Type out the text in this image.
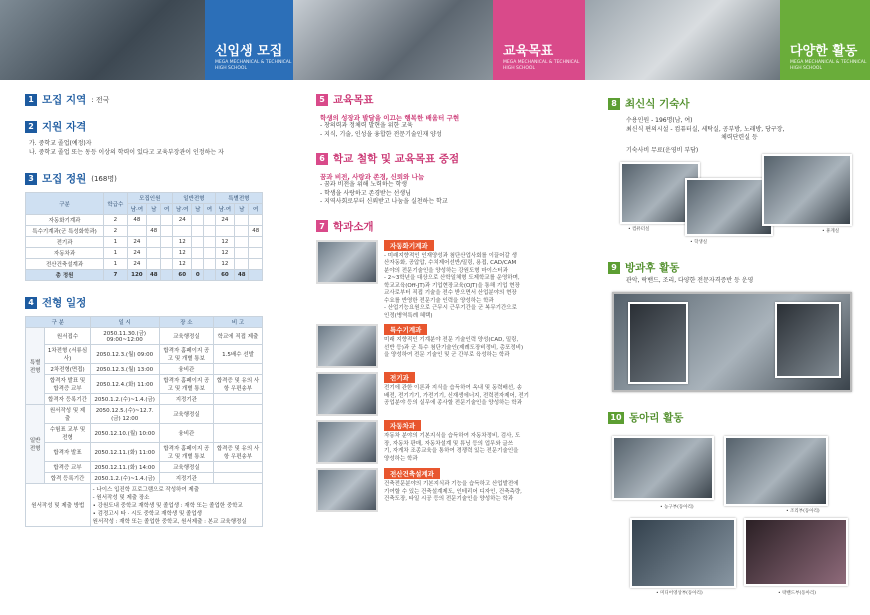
신입생 모집
MEGA MECHANICAL & TECHNICAL HIGH SCHOOL
교육목표
MEGA MECHANICAL & TECHNICAL HIGH SCHOOL
다양한 활동
MEGA MECHANICAL & TECHNICAL HIGH SCHOOL
1 모집 지역 : 전국
2 지원 자격
가. 중학교 졸업(예정)자
나. 중학교 졸업 또는 동등 이상의 학력이 있다고 교육부장관이 인정하는 자
3 모집 정원 (168명)
구분	학급수	모집인원			일반전형			특별전형		
		남·여	남	여	남·여	남	여	남·여	남	여
자동화기계과	2	48			24			24		
특수기계과(군 특성화학과)	2		48							48
전기과	1	24			12			12		
자동차과	1	24			12			12		
전산건축설계과	1	24			12			12		
총 정원	7	120	48		60	0		60	48	
4 전형 일정
구 분		일 시	장 소	비 고
특별전형	원서접수	2050.11.30.(금) 09:00~12:00	교육행정실	학교에 직접 제출
	1차전형 (서류심사)	2050.12.3.(월) 09:00	합격자 홈페이지 공고 및 개별 통보	1.5배수 선발
	2차전형(면접)	2050.12.3.(월) 13:00	융비관	
	합격자 발표 및 합격증 교부	2050.12.4.(화) 11:00	합격자 홈페이지 공고 및 개별 통보	합격증 및 유의 사항 우편송부
	합격자 등록기간	2050.1.2.(수)~1.4.(금)	지정기관	
일반전형	원서작성 및 제출	2050.12.5.(수)~12.7.(금) 12:00	교육행정실	
	수험표 교부 및 전형	2050.12.10.(월) 10:00	융비관	
	합격자 발표	2050.12.11.(화) 11:00	합격자 홈페이지 공고 및 개별 통보	합격증 및 유의 사항 우편송부
	합격증 교부	2050.12.11.(화) 14:00	교육행정실	
	합격 등록기간	2050.1.2.(수)~1.4.(금)	지정기관	
원서작성 및 제출 방법		- 나이스 입진학 프로그램으로 작성하여 제출
- 원서작성 및 제출 장소
• 강원도내 중학교 재학생 및 졸업생 : 재학 또는 졸업한 중학교
• 검정고시 타 · 시도 중학교 재학생 및 졸업생
원서작성 : 재학 또는 졸업한 중학교, 원서제출 : 본교 교육행정실		
5 교육목표
학생의 성장과 발달을 이끄는 행복한 배움터 구현
- 창의력과 정체력 발현을 위한 교육
- 지식, 기술, 인성을 융합한 전문기술인재 양성
6 학교 철학 및 교육목표 중점
꿈과 비전, 사랑과 존경, 신뢰와 나눔
- 꿈과 비전을 위해 노력하는 학생
- 학생을 사랑하고 존경받는 선생님
- 지역사회로부터 신뢰받고 나눔을 실천하는 학교
7 학과소개
자동화기계과
- 미래지향적인 인재양성과 첨단산업사회를 이끌어갈 생
산자동화, 공압압, 수치제어선반/밀링, 용접, CAD/CAM
분야의 전문기술인을 양성하는 강원도형 마이스터과
- 2~3학년을 대상으로 산학일체형 도제학교를 운영하며,
학교교육(Off-JT)과 기업현장교육(OJT)을 통해 기업 현장
교사로부터 직접 기술을 전수 받으면서 산업분야의 현장
수요를 반영한 전문기술 인력을 양성하는 학과
- 산업기능요원으로 근무시 근무기간을 군 복무기간으로
인정(병역특례 혜택)
특수기계과
미래 지향적인 기계분야 전문 기술인력 양성(CAD, 밀링,
선반 등)과 군 특수 첨단기술인(제례도장비정비, 총포정비)
을 양성하여 전문 기술인 및 군 간부로 육성하는 학과
전기과
전기에 관한 이론과 지식을 습득하여 옥내 및 동력배선, 송
배전, 전기기기, 가전기기, 신재생에너지, 전력전자제어, 전기
공업분야 등의 실무에 종사할 전문기술인을 양성하는 학과
자동차과
자동차 분야의 기본지식을 습득하여 자동차정비, 검사, 도
장, 자동차 판매, 자동차설계 및 튜닝 등의 업무와 글쓰
기, 자게차 조종교육을 통하여 경쟁력 있는 전문기술인을
양성하는 학과
전산건축설계과
건축전문분야의 기본지식과 기능을 습득하고 산업발전에
기여할 수 있는 건축설계제도, 인테리어 디자인, 건축측량,
건축도장, 타일 시공 등의 전문기술인을 양성하는 학과
8 최신식 기숙사
수용인원 - 196명(남, 여)
최신식 편의시설 - 컴퓨터실, 세탁실, 공부방, 노래방, 당구장,
체력단련실 등
기숙사비 무료(운영비 부담)
• 컴퓨터실	• 휴게실
• 학생실
9 방과후 활동
관악, 락밴드, 조리, 다양한 전문자격증반 등 운영
10 동아리 활동
• 농구부(동아리)
• 조리부(동아리)
• 미디어영상부(동아리)	• 락밴드부(동아리)
